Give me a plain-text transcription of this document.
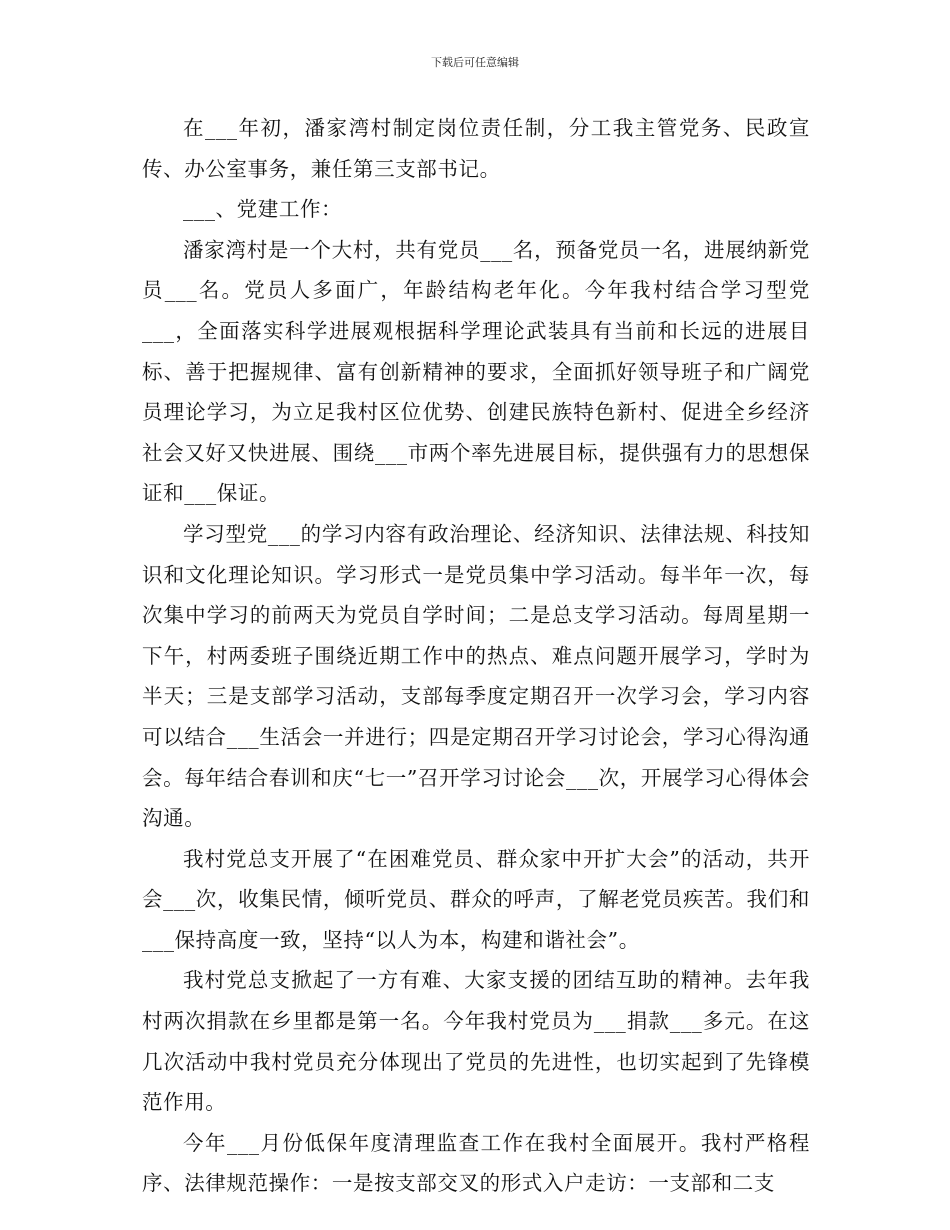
下载后可任意编辑

在___年初，潘家湾村制定岗位责任制，分工我主管党务、民政宣传、办公室事务，兼任第三支部书记。

___、党建工作：

潘家湾村是一个大村，共有党员___名，预备党员一名，进展纳新党员___名。党员人多面广，年龄结构老年化。今年我村结合学习型党___，全面落实科学进展观根据科学理论武装具有当前和长远的进展目标、善于把握规律、富有创新精神的要求，全面抓好领导班子和广阔党员理论学习，为立足我村区位优势、创建民族特色新村、促进全乡经济社会又好又快进展、围绕___市两个率先进展目标，提供强有力的思想保证和___保证。

学习型党___的学习内容有政治理论、经济知识、法律法规、科技知识和文化理论知识。学习形式一是党员集中学习活动。每半年一次，每次集中学习的前两天为党员自学时间；二是总支学习活动。每周星期一下午，村两委班子围绕近期工作中的热点、难点问题开展学习，学时为半天；三是支部学习活动，支部每季度定期召开一次学习会，学习内容可以结合___生活会一并进行；四是定期召开学习讨论会，学习心得沟通会。每年结合春训和庆“七一”召开学习讨论会___次，开展学习心得体会沟通。

我村党总支开展了“在困难党员、群众家中开扩大会”的活动，共开会___次，收集民情，倾听党员、群众的呼声，了解老党员疾苦。我们和___保持高度一致，坚持“以人为本，构建和谐社会”。

我村党总支掀起了一方有难、大家支援的团结互助的精神。去年我村两次捐款在乡里都是第一名。今年我村党员为___捐款___多元。在这几次活动中我村党员充分体现出了党员的先进性，也切实起到了先锋模范作用。

今年___月份低保年度清理监查工作在我村全面展开。我村严格程序、法律规范操作：一是按支部交叉的形式入户走访：一支部和二支
